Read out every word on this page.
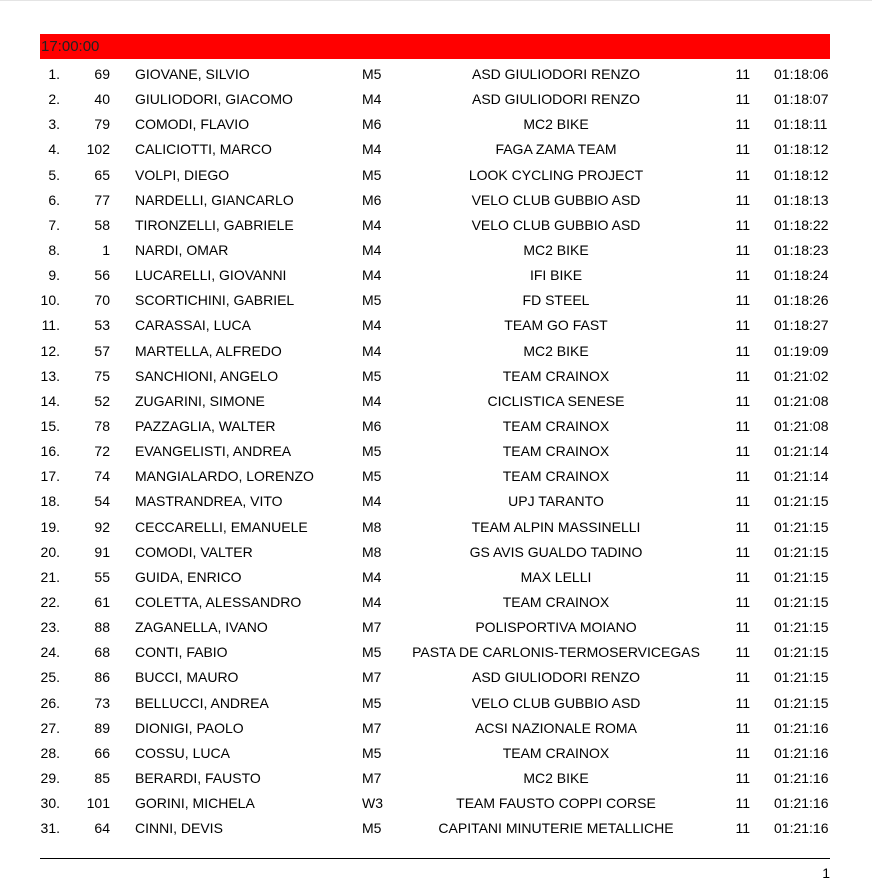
17:00:00
1.	69 GIOVANE, SILVIO	M5	ASD GIULIODORI RENZO	11 01:18:06
2.	40 GIULIODORI, GIACOMO	M4	ASD GIULIODORI RENZO	11 01:18:07
3.	79 COMODI, FLAVIO	M6	MC2 BIKE	11 01:18:11
4.	102 CALICIOTTI, MARCO	M4	FAGA ZAMA TEAM	11 01:18:12
5.	65 VOLPI, DIEGO	M5	LOOK CYCLING PROJECT	11 01:18:12
6.	77 NARDELLI, GIANCARLO	M6	VELO CLUB GUBBIO ASD	11 01:18:13
7.	58 TIRONZELLI, GABRIELE	M4	VELO CLUB GUBBIO ASD	11 01:18:22
8.	1 NARDI, OMAR	M4	MC2 BIKE	11 01:18:23
9.	56 LUCARELLI, GIOVANNI	M4	IFI BIKE	11 01:18:24
10.	70 SCORTICHINI, GABRIEL	M5	FD STEEL	11 01:18:26
11.	53 CARASSAI, LUCA	M4	TEAM GO FAST	11 01:18:27
12.	57 MARTELLA, ALFREDO	M4	MC2 BIKE	11 01:19:09
13.	75 SANCHIONI, ANGELO	M5	TEAM CRAINOX	11 01:21:02
14.	52 ZUGARINI, SIMONE	M4	CICLISTICA SENESE	11 01:21:08
15.	78 PAZZAGLIA, WALTER	M6	TEAM CRAINOX	11 01:21:08
16.	72 EVANGELISTI, ANDREA	M5	TEAM CRAINOX	11 01:21:14
17.	74 MANGIALARDO, LORENZO	M5	TEAM CRAINOX	11 01:21:14
18.	54 MASTRANDREA, VITO	M4	UPJ TARANTO	11 01:21:15
19.	92 CECCARELLI, EMANUELE	M8	TEAM ALPIN MASSINELLI	11 01:21:15
20.	91 COMODI, VALTER	M8	GS AVIS GUALDO TADINO	11 01:21:15
21.	55 GUIDA, ENRICO	M4	MAX LELLI	11 01:21:15
22.	61 COLETTA, ALESSANDRO	M4	TEAM CRAINOX	11 01:21:15
23.	88 ZAGANELLA, IVANO	M7	POLISPORTIVA MOIANO	11 01:21:15
24.	68 CONTI, FABIO	M5	PASTA DE CARLONIS-TERMOSERVICEGAS	11 01:21:15
25.	86 BUCCI, MAURO	M7	ASD GIULIODORI RENZO	11 01:21:15
26.	73 BELLUCCI, ANDREA	M5	VELO CLUB GUBBIO ASD	11 01:21:15
27.	89 DIONIGI, PAOLO	M7	ACSI NAZIONALE ROMA	11 01:21:16
28.	66 COSSU, LUCA	M5	TEAM CRAINOX	11 01:21:16
29.	85 BERARDI, FAUSTO	M7	MC2 BIKE	11 01:21:16
30.	101 GORINI, MICHELA	W3	TEAM FAUSTO COPPI CORSE	11 01:21:16
31.	64 CINNI, DEVIS	M5	CAPITANI MINUTERIE METALLICHE	11 01:21:16
1
